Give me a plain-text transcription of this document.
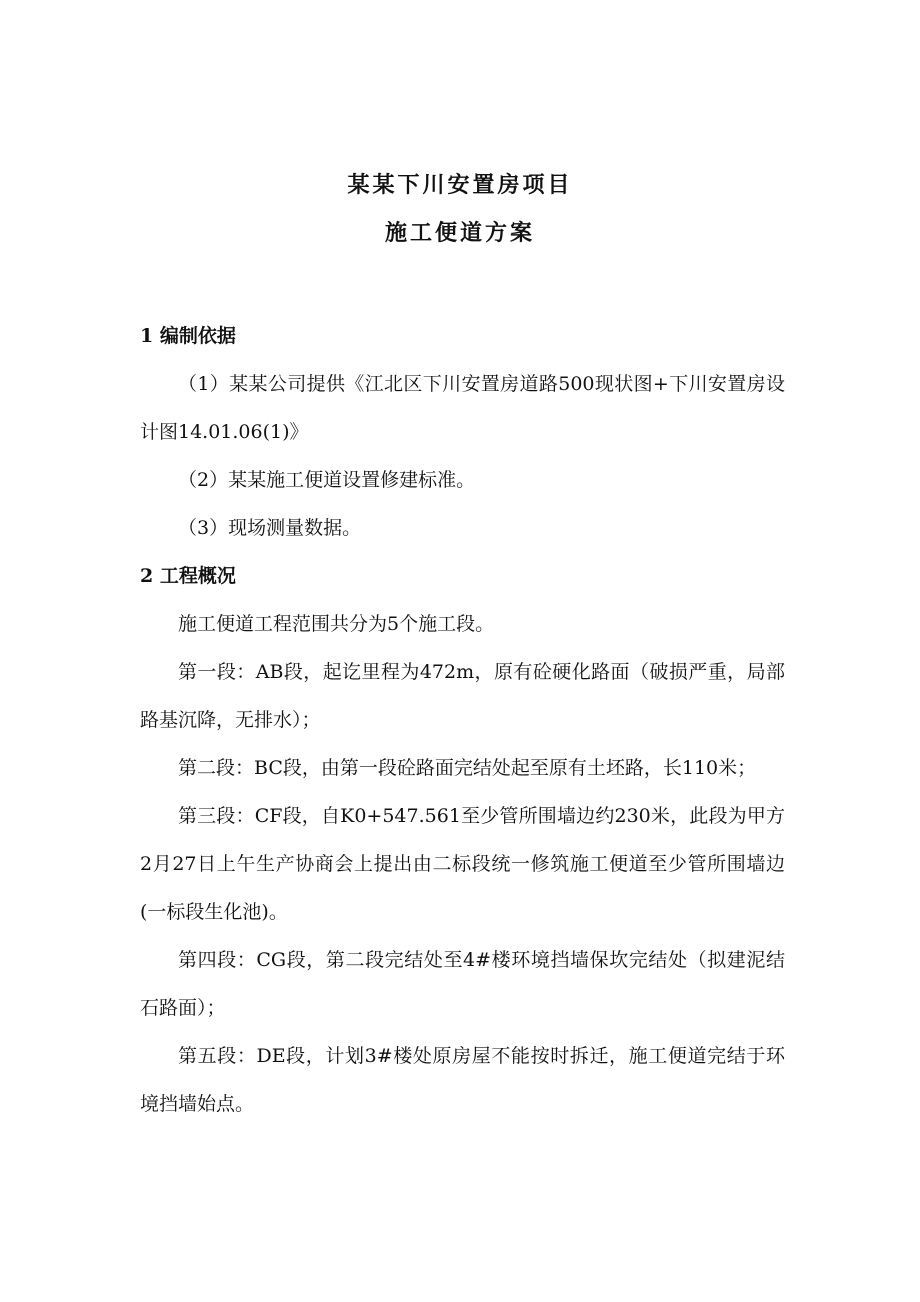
某某下川安置房项目
施工便道方案

1 编制依据

（1）某某公司提供《江北区下川安置房道路500现状图+下川安置房设计图14.01.06(1)》

（2）某某施工便道设置修建标准。

（3）现场测量数据。

2 工程概况

施工便道工程范围共分为5个施工段。

第一段：AB段，起讫里程为472m，原有砼硬化路面（破损严重，局部路基沉降，无排水）；

第二段：BC段，由第一段砼路面完结处起至原有土坯路，长110米；

第三段：CF段，自K0+547.561至少管所围墙边约230米，此段为甲方2月27日上午生产协商会上提出由二标段统一修筑施工便道至少管所围墙边(一标段生化池)。

第四段：CG段，第二段完结处至4#楼环境挡墙保坎完结处（拟建泥结石路面）；

第五段：DE段，计划3#楼处原房屋不能按时拆迁，施工便道完结于环境挡墙始点。
